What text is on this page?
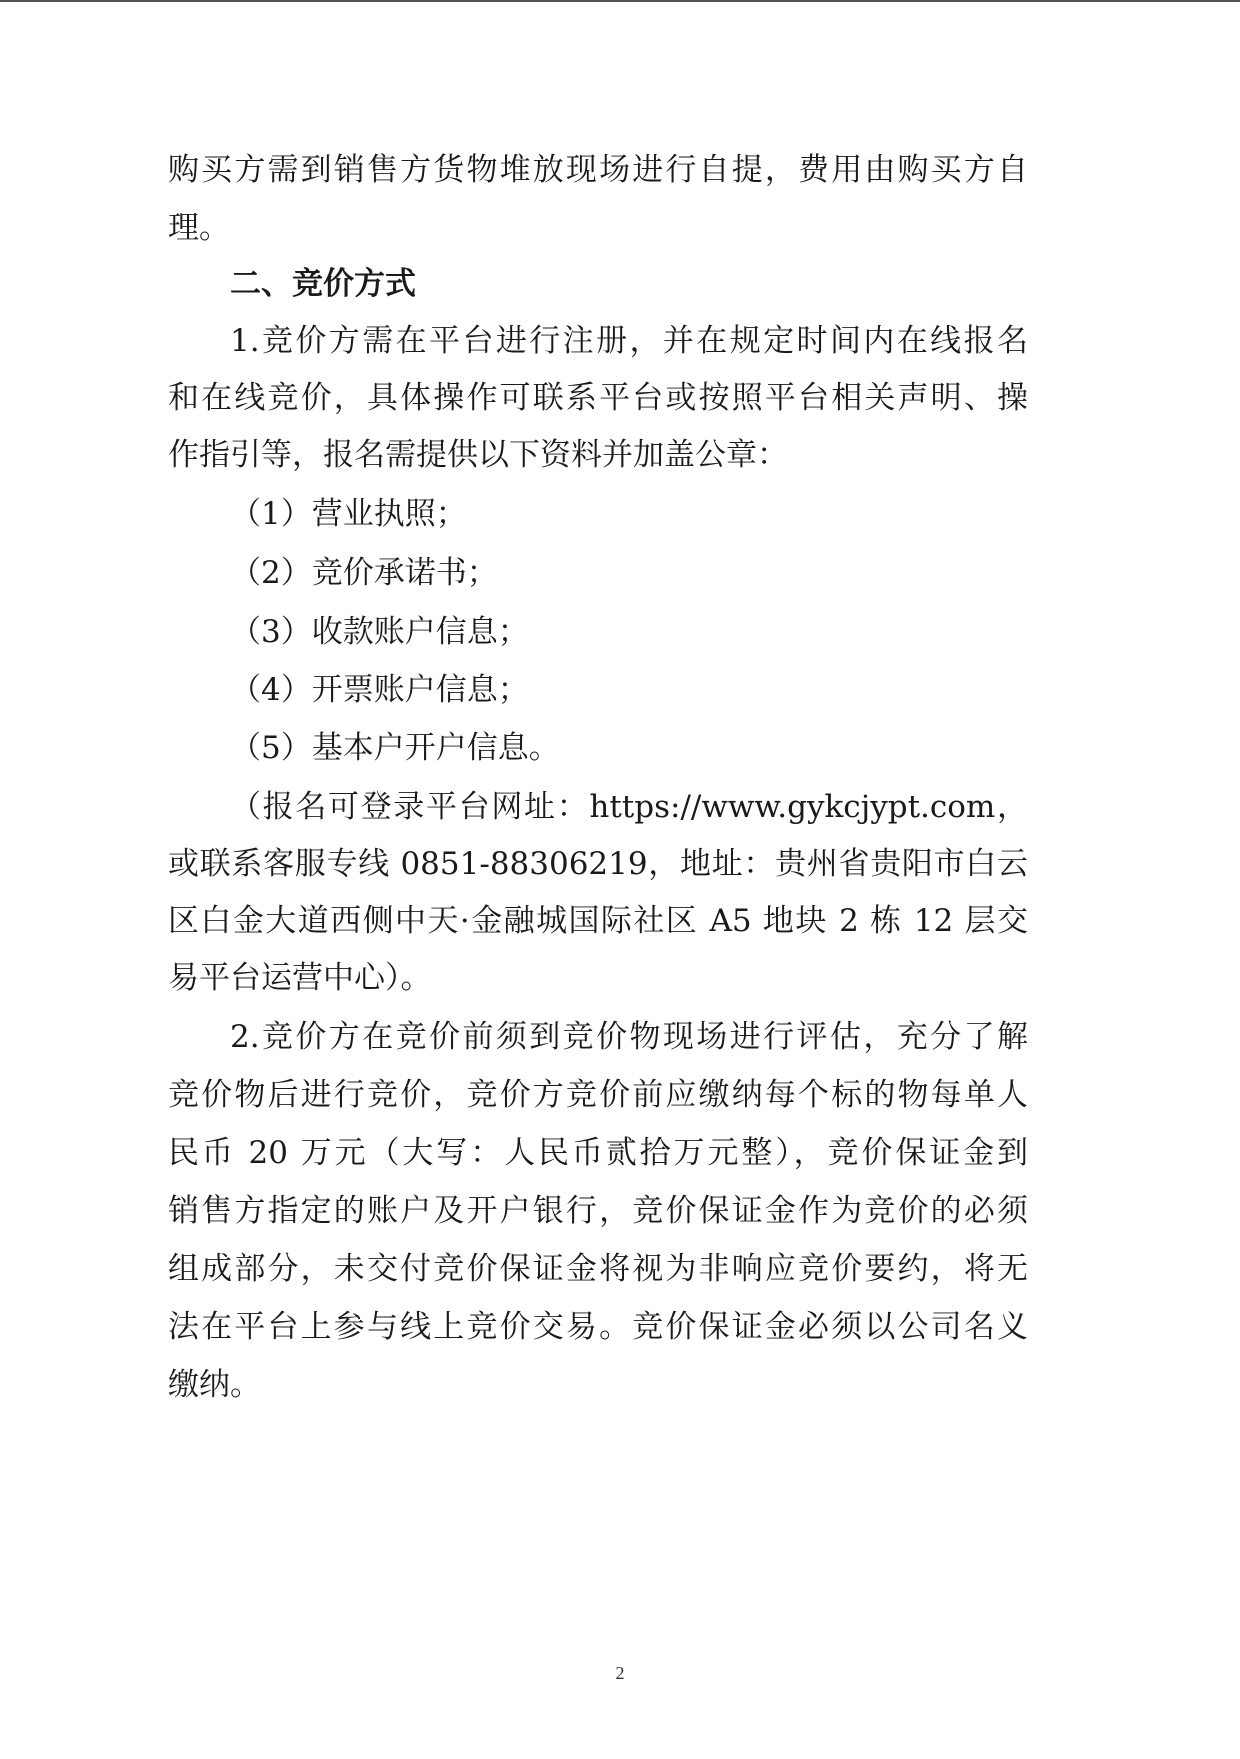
购买方需到销售方货物堆放现场进行自提，费用由购买方自
理。
二、竞价方式
1.竞价方需在平台进行注册，并在规定时间内在线报名
和在线竞价，具体操作可联系平台或按照平台相关声明、操
作指引等，报名需提供以下资料并加盖公章：
（1）营业执照；
（2）竞价承诺书；
（3）收款账户信息；
（4）开票账户信息；
（5）基本户开户信息。
（报名可登录平台网址：https://www.gykcjypt.com，
或联系客服专线 0851-88306219，地址：贵州省贵阳市白云
区白金大道西侧中天·金融城国际社区 A5 地块 2 栋 12 层交
易平台运营中心）。
2.竞价方在竞价前须到竞价物现场进行评估，充分了解
竞价物后进行竞价，竞价方竞价前应缴纳每个标的物每单人
民币 20 万元（大写：人民币贰拾万元整），竞价保证金到
销售方指定的账户及开户银行，竞价保证金作为竞价的必须
组成部分，未交付竞价保证金将视为非响应竞价要约，将无
法在平台上参与线上竞价交易。竞价保证金必须以公司名义
缴纳。
2
